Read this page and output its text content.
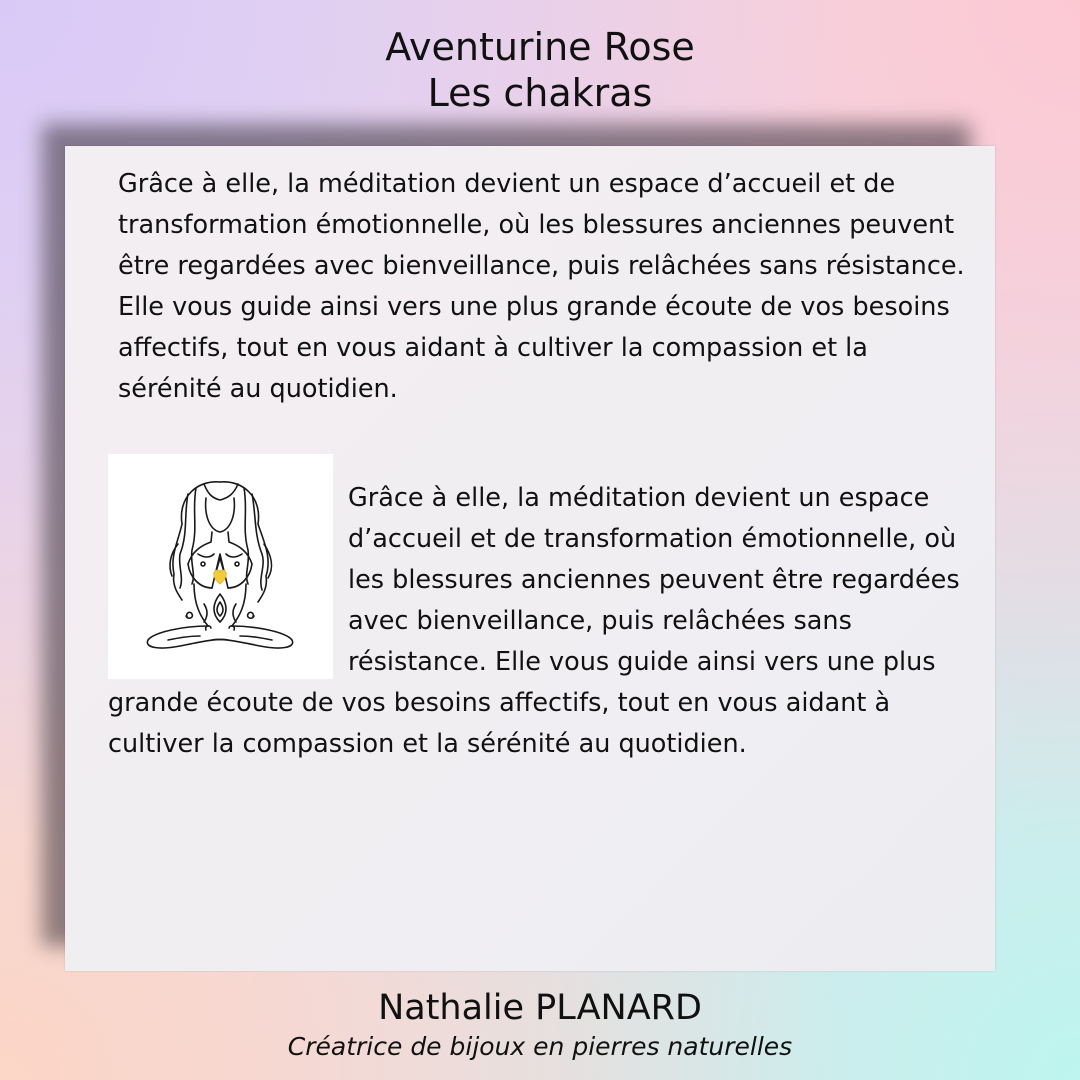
Aventurine Rose
Les chakras

Grâce à elle, la méditation devient un espace d’accueil et de transformation émotionnelle, où les blessures anciennes peuvent être regardées avec bienveillance, puis relâchées sans résistance. Elle vous guide ainsi vers une plus grande écoute de vos besoins affectifs, tout en vous aidant à cultiver la compassion et la sérénité au quotidien.

Grâce à elle, la méditation devient un espace d’accueil et de transformation émotionnelle, où les blessures anciennes peuvent être regardées avec bienveillance, puis relâchées sans résistance. Elle vous guide ainsi vers une plus grande écoute de vos besoins affectifs, tout en vous aidant à cultiver la compassion et la sérénité au quotidien.
Nathalie PLANARD
Créatrice de bijoux en pierres naturelles
